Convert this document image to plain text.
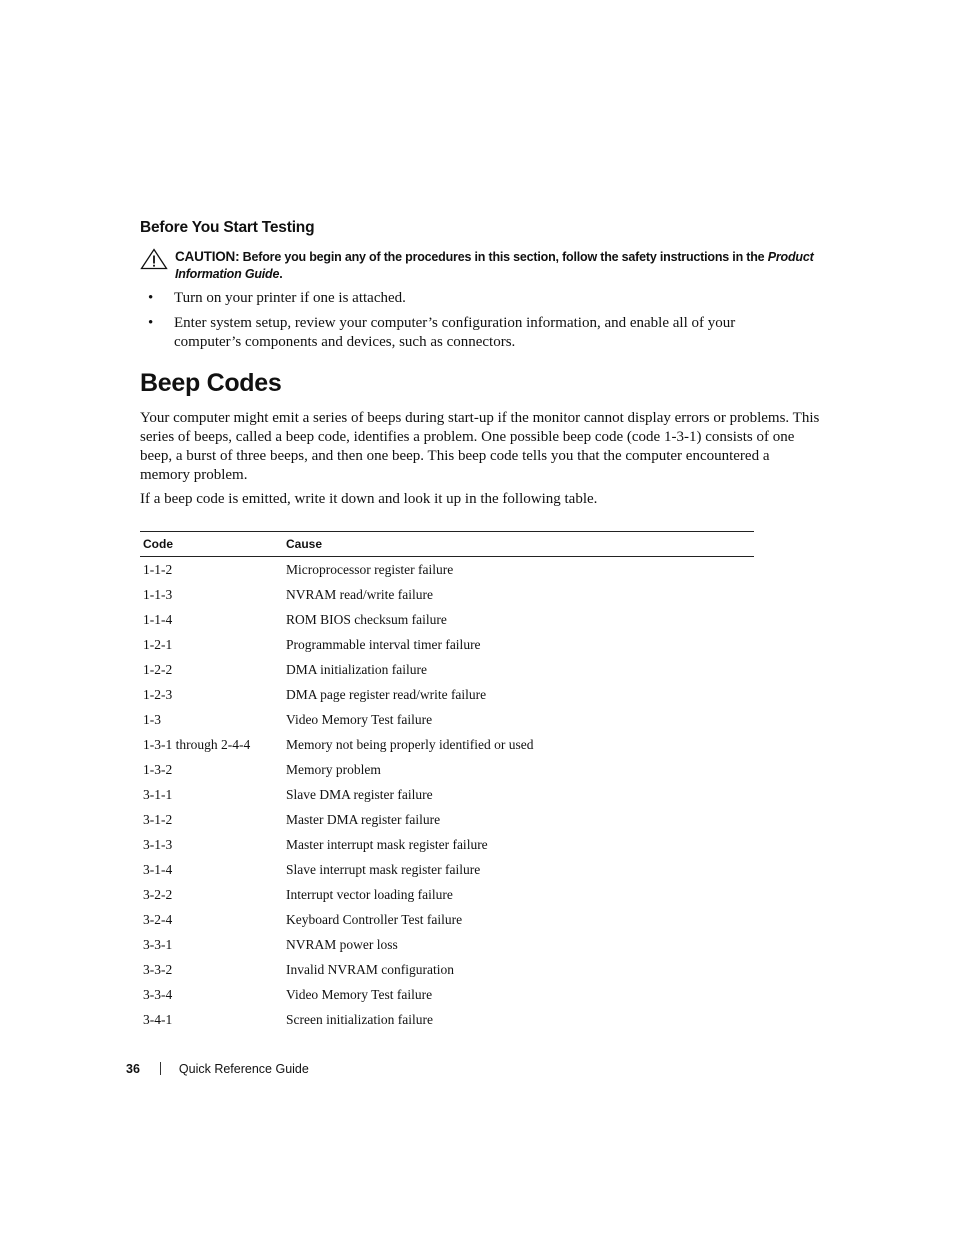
Before You Start Testing
CAUTION: Before you begin any of the procedures in this section, follow the safety instructions in the Product Information Guide.
• Turn on your printer if one is attached.
• Enter system setup, review your computer’s configuration information, and enable all of your computer’s components and devices, such as connectors.
Beep Codes

Your computer might emit a series of beeps during start-up if the monitor cannot display errors or problems. This series of beeps, called a beep code, identifies a problem. One possible beep code (code 1-3-1) consists of one beep, a burst of three beeps, and then one beep. This beep code tells you that the computer encountered a memory problem.

If a beep code is emitted, write it down and look it up in the following table.

Code	Cause
1-1-2	Microprocessor register failure
1-1-3	NVRAM read/write failure
1-1-4	ROM BIOS checksum failure
1-2-1	Programmable interval timer failure
1-2-2	DMA initialization failure
1-2-3	DMA page register read/write failure
1-3	Video Memory Test failure
1-3-1 through 2-4-4	Memory not being properly identified or used
1-3-2	Memory problem
3-1-1	Slave DMA register failure
3-1-2	Master DMA register failure
3-1-3	Master interrupt mask register failure
3-1-4	Slave interrupt mask register failure
3-2-2	Interrupt vector loading failure
3-2-4	Keyboard Controller Test failure
3-3-1	NVRAM power loss
3-3-2	Invalid NVRAM configuration
3-3-4	Video Memory Test failure
3-4-1	Screen initialization failure
36	Quick Reference Guide
